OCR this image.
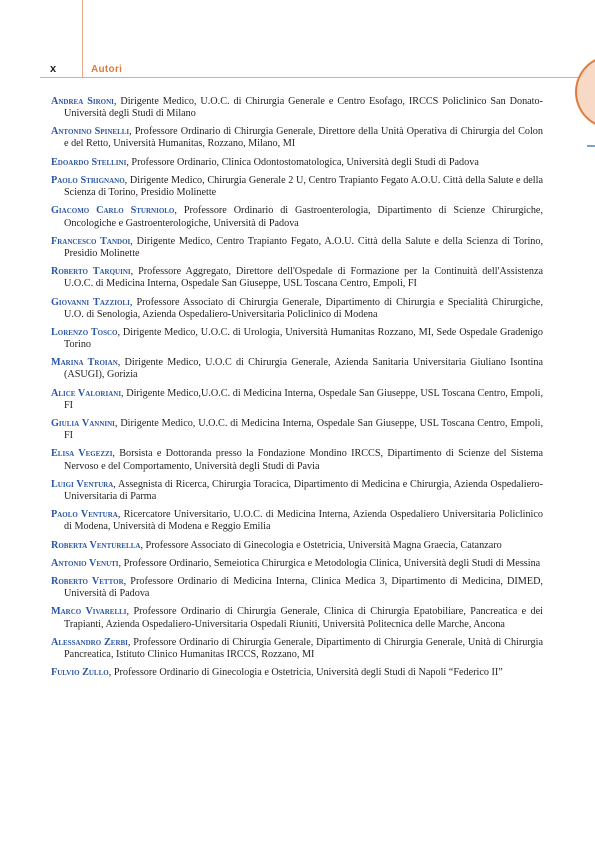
x	Autori

Andrea Sironi, Dirigente Medico, U.O.C. di Chirurgia Generale e Centro Esofago, IRCCS Policlinico San Donato-Università degli Studi di Milano

Antonino Spinelli, Professore Ordinario di Chirurgia Generale, Direttore della Unità Operativa di Chirurgia del Colon e del Retto, Università Humanitas, Rozzano, Milano, MI

Edoardo Stellini, Professore Ordinario, Clinica Odontostomatologica, Università degli Studi di Padova

Paolo Strignano, Dirigente Medico, Chirurgia Generale 2 U, Centro Trapianto Fegato A.O.U. Città della Salute e della Scienza di Torino, Presidio Molinette

Giacomo Carlo Sturniolo, Professore Ordinario di Gastroenterologia, Dipartimento di Scienze Chirurgiche, Oncologiche e Gastroenterologiche, Università di Padova

Francesco Tandoi, Dirigente Medico, Centro Trapianto Fegato, A.O.U. Città della Salute e della Scienza di Torino, Presidio Molinette

Roberto Tarquini, Professore Aggregato, Direttore dell'Ospedale di Formazione per la Continuità dell'Assistenza U.O.C. di Medicina Interna, Ospedale San Giuseppe, USL Toscana Centro, Empoli, FI

Giovanni Tazzioli, Professore Associato di Chirurgia Generale, Dipartimento di Chirurgia e Specialità Chirurgiche, U.O. di Senologia, Azienda Ospedaliero-Universitaria Policlinico di Modena

Lorenzo Tosco, Dirigente Medico, U.O.C. di Urologia, Università Humanitas Rozzano, MI, Sede Ospedale Gradenigo Torino

Marina Troian, Dirigente Medico, U.O.C di Chirurgia Generale, Azienda Sanitaria Universitaria Giuliano Isontina (ASUGI), Gorizia

Alice Valoriani, Dirigente Medico,U.O.C. di Medicina Interna, Ospedale San Giuseppe, USL Toscana Centro, Empoli, FI

Giulia Vannini, Dirigente Medico, U.O.C. di Medicina Interna, Ospedale San Giuseppe, USL Toscana Centro, Empoli, FI

Elisa Vegezzi, Borsista e Dottoranda presso la Fondazione Mondino IRCCS, Dipartimento di Scienze del Sistema Nervoso e del Comportamento, Università degli Studi di Pavia

Luigi Ventura, Assegnista di Ricerca, Chirurgia Toracica, Dipartimento di Medicina e Chirurgia, Azienda Ospedaliero-Universitaria di Parma

Paolo Ventura, Ricercatore Universitario, U.O.C. di Medicina Interna, Azienda Ospedaliero Universitaria Policlinico di Modena, Università di Modena e Reggio Emilia

Roberta Venturella, Professore Associato di Ginecologia e Ostetricia, Università Magna Graecia, Catanzaro

Antonio Venuti, Professore Ordinario, Semeiotica Chirurgica e Metodologia Clinica, Università degli Studi di Messina

Roberto Vettor, Professore Ordinario di Medicina Interna, Clinica Medica 3, Dipartimento di Medicina, DIMED, Università di Padova

Marco Vivarelli, Professore Ordinario di Chirurgia Generale, Clinica di Chirurgia Epatobiliare, Pancreatica e dei Trapianti, Azienda Ospedaliero-Universitaria Ospedali Riuniti, Università Politecnica delle Marche, Ancona

Alessandro Zerbi, Professore Ordinario di Chirurgia Generale, Dipartimento di Chirurgia Generale, Unità di Chirurgia Pancreatica, Istituto Clinico Humanitas IRCCS, Rozzano, MI

Fulvio Zullo, Professore Ordinario di Ginecologia e Ostetricia, Università degli Studi di Napoli “Federico II”
